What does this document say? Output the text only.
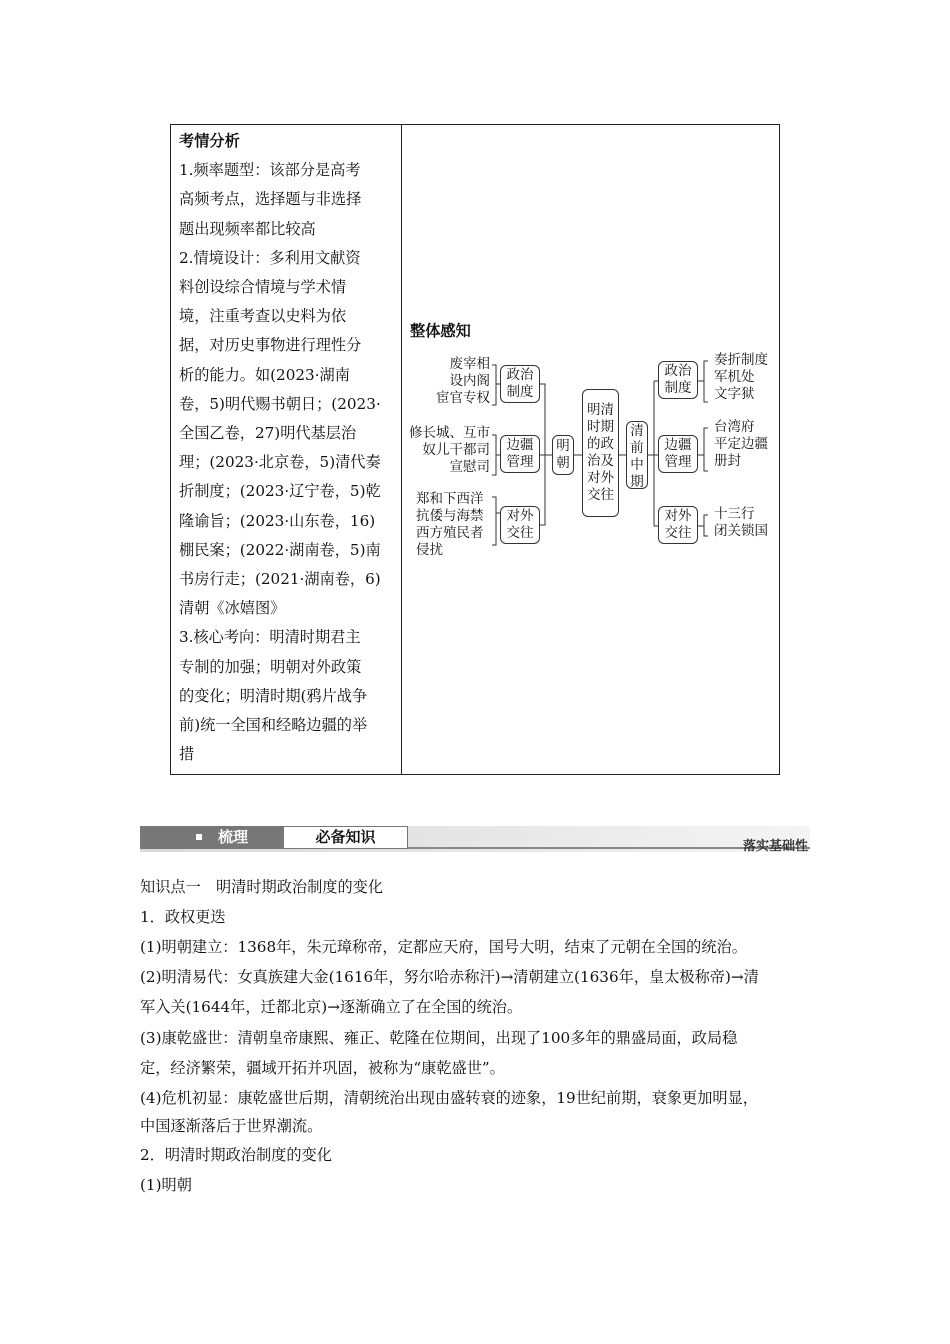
考情分析
1.频率题型：该部分是高考
高频考点，选择题与非选择
题出现频率都比较高
2.情境设计：多利用文献资
料创设综合情境与学术情
境，注重考查以史料为依
据，对历史事物进行理性分
析的能力。如(2023·湖南
卷，5)明代赐书朝日；(2023·
全国乙卷，27)明代基层治
理；(2023·北京卷，5)清代奏
折制度；(2023·辽宁卷，5)乾
隆谕旨；(2023·山东卷，16)
棚民案；(2022·湖南卷，5)南
书房行走；(2021·湖南卷，6)
清朝《冰嬉图》
3.核心考向：明清时期君主
专制的加强；明朝对外政策
的变化；明清时期(鸦片战争
前)统一全国和经略边疆的举
措
整体感知
废宰相
设内阁
宦官专权
修长城、互市
奴儿干都司
宣慰司
郑和下西洋
抗倭与海禁
西方殖民者
侵扰
政治
制度
边疆
管理
对外
交往
明
朝
明清
时期
的政
治及
对外
交往
清
前
中
期
政治
制度
边疆
管理
对外
交往
奏折制度
军机处
文字狱
台湾府
平定边疆
册封
十三行
闭关锁国
梳理	必备知识
落实基础性
知识点一　明清时期政治制度的变化
1．政权更迭
(1)明朝建立：1368年，朱元璋称帝，定都应天府，国号大明，结束了元朝在全国的统治。
(2)明清易代：女真族建大金(1616年，努尔哈赤称汗)→清朝建立(1636年，皇太极称帝)→清
军入关(1644年，迁都北京)→逐渐确立了在全国的统治。
(3)康乾盛世：清朝皇帝康熙、雍正、乾隆在位期间，出现了100多年的鼎盛局面，政局稳
定，经济繁荣，疆域开拓并巩固，被称为“康乾盛世”。
(4)危机初显：康乾盛世后期，清朝统治出现由盛转衰的迹象，19世纪前期，衰象更加明显，
中国逐渐落后于世界潮流。
2．明清时期政治制度的变化
(1)明朝
